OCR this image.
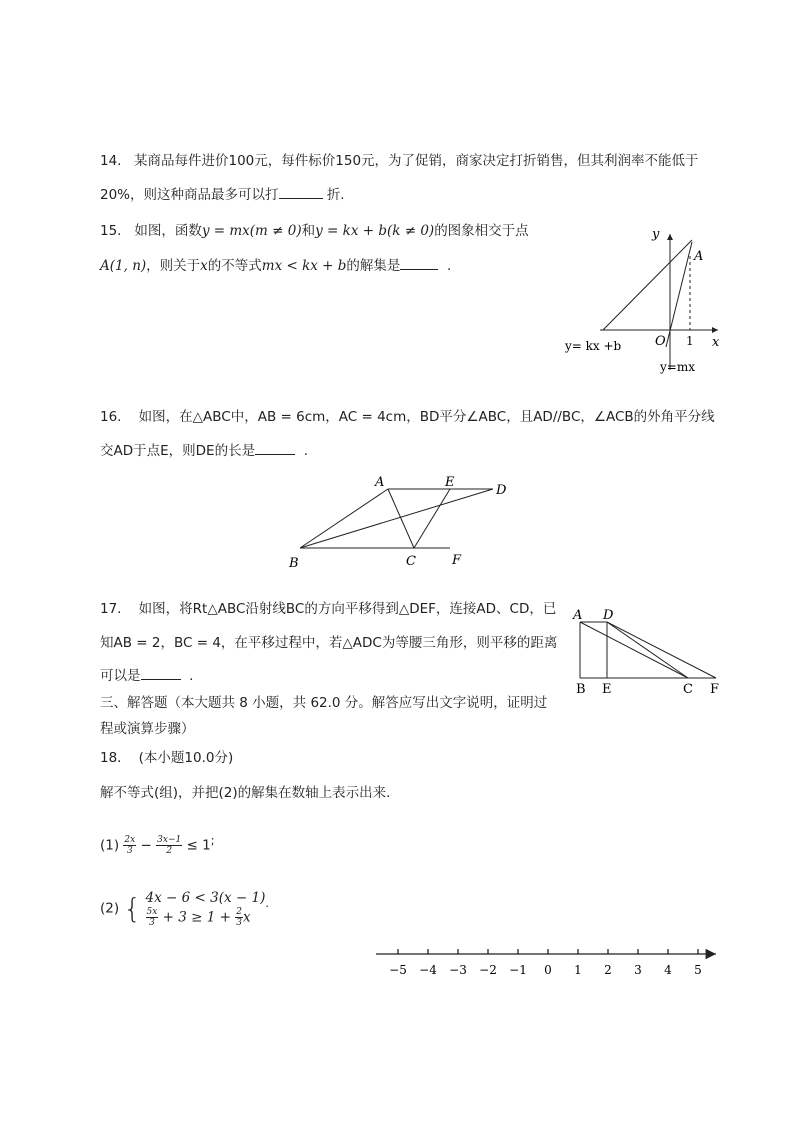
14. 某商品每件进价100元，每件标价150元，为了促销，商家决定打折销售，但其利润率不能低于
20%，则这种商品最多可以打	折.
15. 如图，函数y = mx(m ≠ 0)和y = kx + b(k ≠ 0)的图象相交于点
A(1, n)，则关于x的不等式mx < kx + b的解集是	.
y
A
O 1 x
y= kx +b
y=mx
16. 如图，在△ABC中，AB = 6cm，AC = 4cm，BD平分∠ABC，且AD//BC，∠ACB的外角平分线
交AD于点E，则DE的长是	.
A	E
D
B	C	F
17. 如图，将Rt△ABC沿射线BC的方向平移得到△DEF，连接AD、CD，已
知AB = 2，BC = 4，在平移过程中，若△ADC为等腰三角形，则平移的距离
可以是	.
A D
B E	C F
三、解答题（本大题共 8 小题，共 62.0 分。解答应写出文字说明，证明过
程或演算步骤）
18. (本小题10.0分)
解不等式(组)，并把(2)的解集在数轴上表示出来.
$(1) \frac{2x}{3} - \frac{3x-1}{2} \le 1^;$
(2) { 4x − 6 < 3(x − 1)
$\frac{5x}{3} + 3 \ge 1 + \frac{2}{3}$ x
.
−5 −4 −3 −2 −1 0 1 2 3 4 5
